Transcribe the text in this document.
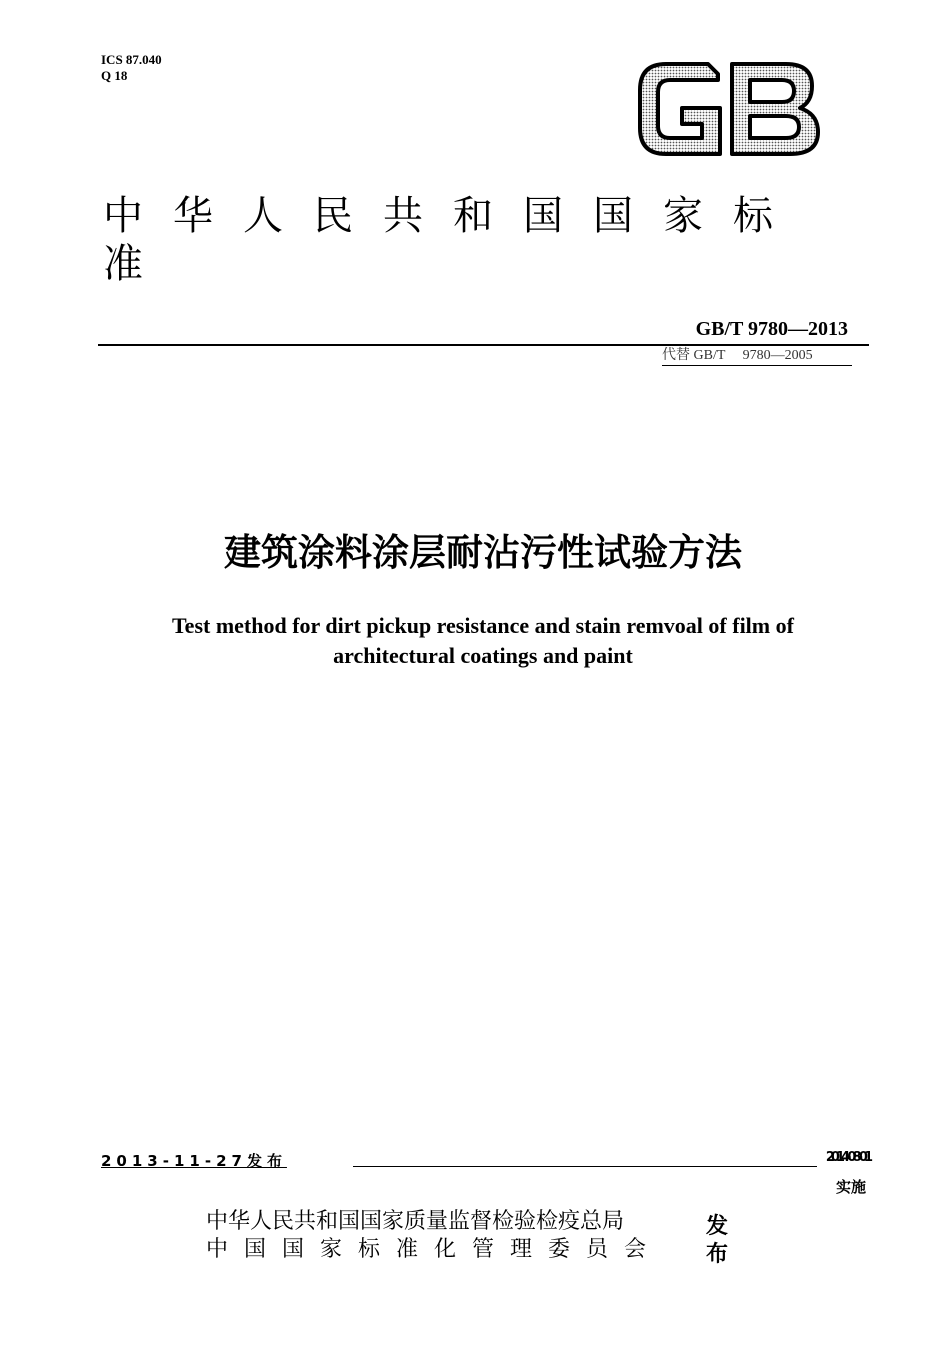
ICS 87.040
Q 18
中华人民共和国国家标准
GB/T 9780—2013
代替 GB/T     9780—2005
建筑涂料涂层耐沾污性试验方法
Test method for dirt pickup resistance and stain remvoal of film of
architectural coatings and paint
2013-11-27发布	2014-08-01
实施
中华人民共和国国家质量监督检验检疫总局
中国国家标准化管理委员会
发布
